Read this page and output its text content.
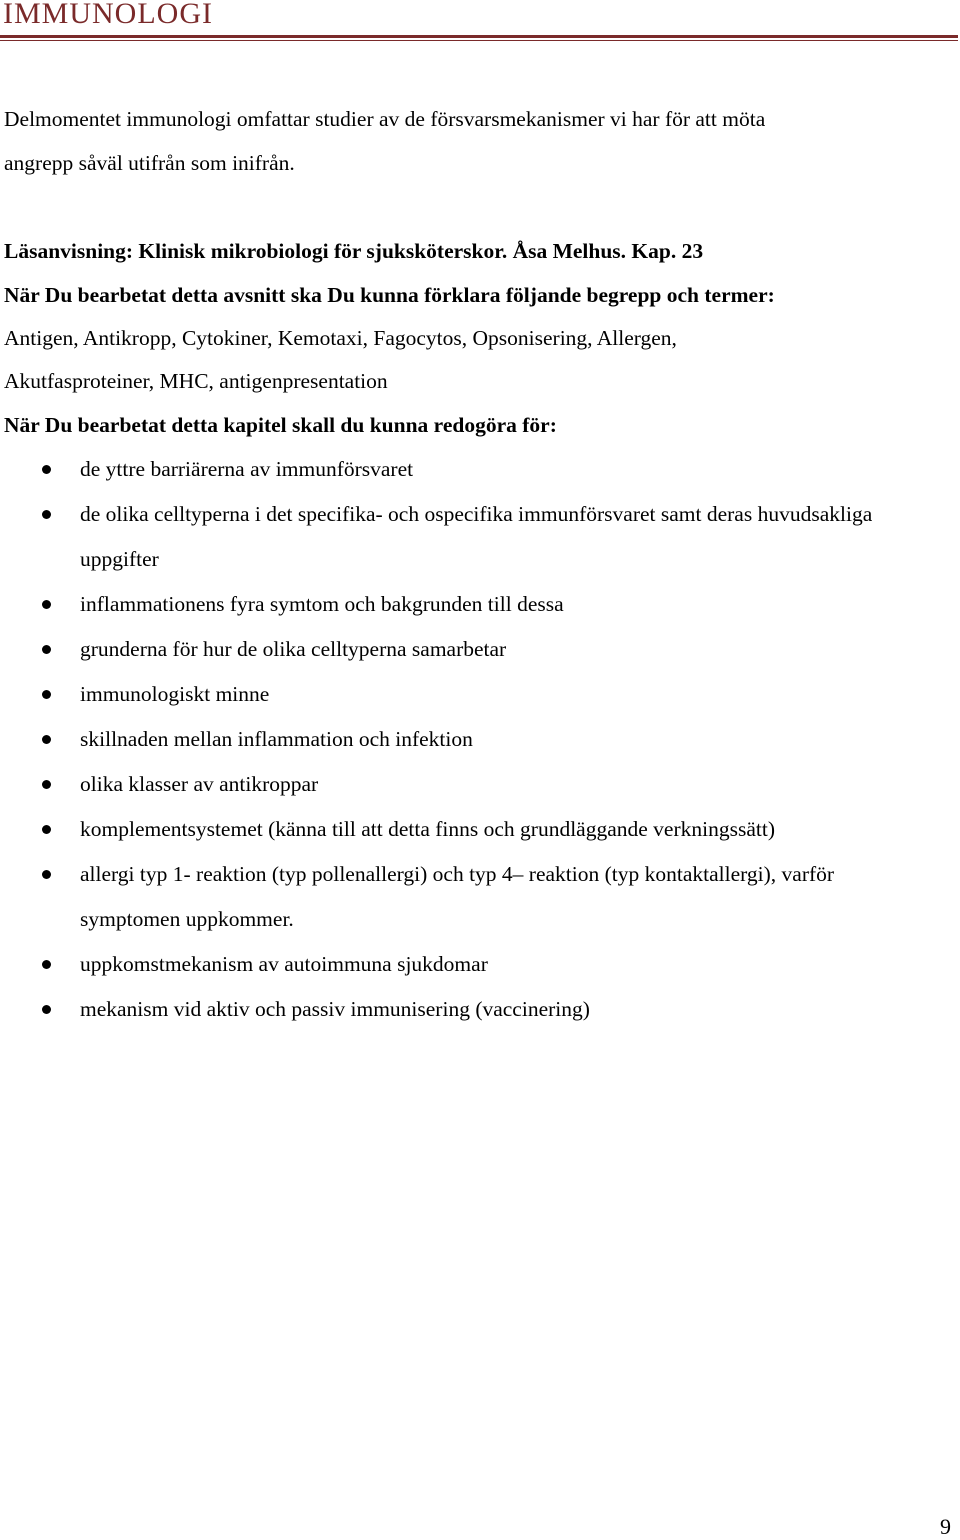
IMMUNOLOGI

Delmomentet immunologi omfattar studier av de försvarsmekanismer vi har för att möta

angrepp såväl utifrån som inifrån.

Läsanvisning: Klinisk mikrobiologi för sjuksköterskor. Åsa Melhus. Kap. 23

När Du bearbetat detta avsnitt ska Du kunna förklara följande begrepp och termer:

Antigen, Antikropp, Cytokiner, Kemotaxi, Fagocytos, Opsonisering, Allergen,

Akutfasproteiner, MHC, antigenpresentation

När Du bearbetat detta kapitel skall du kunna redogöra för:

de yttre barriärerna av immunförsvaret
de olika celltyperna i det specifika- och ospecifika immunförsvaret samt deras huvudsakliga uppgifter
inflammationens fyra symtom och bakgrunden till dessa
grunderna för hur de olika celltyperna samarbetar
immunologiskt minne
skillnaden mellan inflammation och infektion
olika klasser av antikroppar
komplementsystemet (känna till att detta finns och grundläggande verkningssätt)
allergi typ 1- reaktion (typ pollenallergi) och typ 4– reaktion (typ kontaktallergi), varför symptomen uppkommer.
uppkomstmekanism av autoimmuna sjukdomar
mekanism vid aktiv och passiv immunisering (vaccinering)
9
